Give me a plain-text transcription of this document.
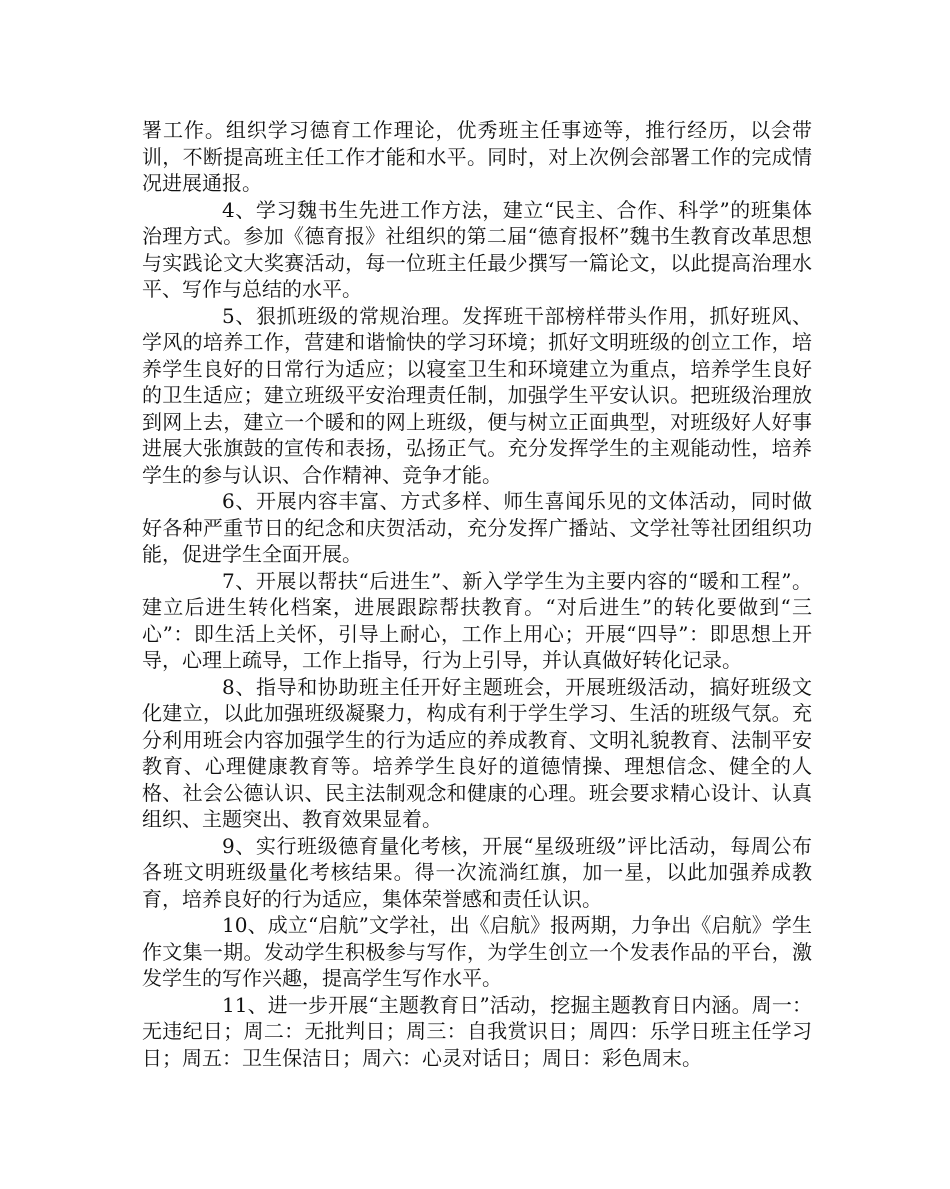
署工作。组织学习德育工作理论，优秀班主任事迹等，推行经历，以会带训，不断提高班主任工作才能和水平。同时，对上次例会部署工作的完成情况进展通报。

4、学习魏书生先进工作方法，建立“民主、合作、科学”的班集体治理方式。参加《德育报》社组织的第二届“德育报杯”魏书生教育改革思想与实践论文大奖赛活动，每一位班主任最少撰写一篇论文，以此提高治理水平、写作与总结的水平。

5、狠抓班级的常规治理。发挥班干部榜样带头作用，抓好班风、学风的培养工作，营建和谐愉快的学习环境；抓好文明班级的创立工作，培养学生良好的日常行为适应；以寝室卫生和环境建立为重点，培养学生良好的卫生适应；建立班级平安治理责任制，加强学生平安认识。把班级治理放到网上去，建立一个暖和的网上班级，便与树立正面典型，对班级好人好事进展大张旗鼓的宣传和表扬，弘扬正气。充分发挥学生的主观能动性，培养学生的参与认识、合作精神、竞争才能。

6、开展内容丰富、方式多样、师生喜闻乐见的文体活动，同时做好各种严重节日的纪念和庆贺活动，充分发挥广播站、文学社等社团组织功能，促进学生全面开展。

7、开展以帮扶“后进生”、新入学学生为主要内容的“暖和工程”。建立后进生转化档案，进展跟踪帮扶教育。“对后进生”的转化要做到“三心”：即生活上关怀，引导上耐心，工作上用心；开展“四导”：即思想上开导，心理上疏导，工作上指导，行为上引导，并认真做好转化记录。

8、指导和协助班主任开好主题班会，开展班级活动，搞好班级文化建立，以此加强班级凝聚力，构成有利于学生学习、生活的班级气氛。充分利用班会内容加强学生的行为适应的养成教育、文明礼貌教育、法制平安教育、心理健康教育等。培养学生良好的道德情操、理想信念、健全的人格、社会公德认识、民主法制观念和健康的心理。班会要求精心设计、认真组织、主题突出、教育效果显着。

9、实行班级德育量化考核，开展“星级班级”评比活动，每周公布各班文明班级量化考核结果。得一次流淌红旗，加一星，以此加强养成教育，培养良好的行为适应，集体荣誉感和责任认识。

10、成立“启航”文学社，出《启航》报两期，力争出《启航》学生作文集一期。发动学生积极参与写作，为学生创立一个发表作品的平台，激发学生的写作兴趣，提高学生写作水平。

11、进一步开展“主题教育日”活动，挖掘主题教育日内涵。周一：无违纪日；周二：无批判日；周三：自我赏识日；周四：乐学日班主任学习日；周五：卫生保洁日；周六：心灵对话日；周日：彩色周末。
